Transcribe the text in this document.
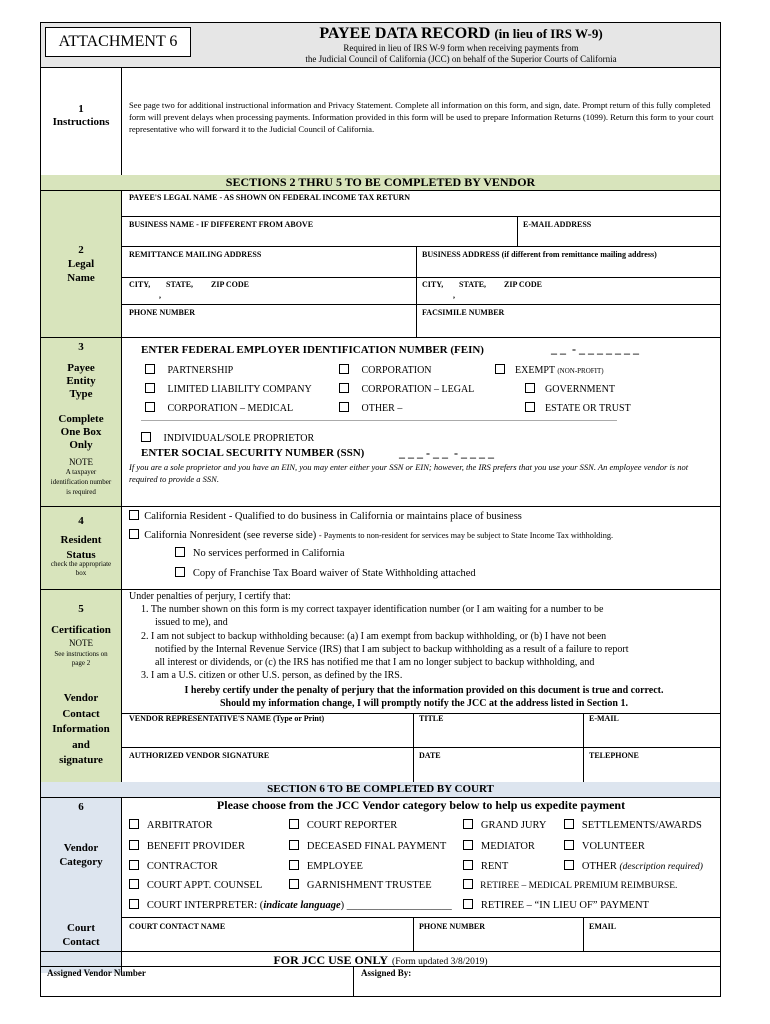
ATTACHMENT 6	PAYEE DATA RECORD (in lieu of IRS W-9)
Required in lieu of IRS W-9 form when receiving payments from
the Judicial Council of California (JCC) on behalf of the Superior Courts of California
1
Instructions
See page two for additional instructional information and Privacy Statement. Complete all information on this form, and sign, date. Prompt return of this fully completed form will prevent delays when processing payments. Information provided in this form will be used to prepare Information Returns (1099). Return this form to your court representative who will forward it to the Judicial Council of California.
SECTIONS 2 THRU 5 TO BE COMPLETED BY VENDOR
2
Legal
Name
PAYEE'S LEGAL NAME - AS SHOWN ON FEDERAL INCOME TAX RETURN
BUSINESS NAME - IF DIFFERENT FROM ABOVE	E-MAIL ADDRESS
REMITTANCE MAILING ADDRESS	BUSINESS ADDRESS (if different from remittance mailing address)
CITY, STATE, ZIP CODE
,
CITY, STATE, ZIP CODE
,
PHONE NUMBER	FACSIMILE NUMBER
3
Payee
Entity
Type
Complete
One Box
Only
NOTE
A taxpayer
identification number
is required
ENTER FEDERAL EMPLOYER IDENTIFICATION NUMBER (FEIN)	_ _  - _ _ _ _ _ _ _
PARTNERSHIP	CORPORATION	EXEMPT (NON-PROFIT)
LIMITED LIABILITY COMPANY	CORPORATION – LEGAL	GOVERNMENT
CORPORATION – MEDICAL	OTHER –	ESTATE OR TRUST
INDIVIDUAL/SOLE PROPRIETOR
ENTER SOCIAL SECURITY NUMBER (SSN)	_ _ _ - _ _  - _ _ _ _
If you are a sole proprietor and you have an EIN, you may enter either your SSN or EIN; however, the IRS prefers that you use your SSN. An employee vendor is not required to provide a SSN.
4
Resident
Status
check the appropriate
box
California Resident - Qualified to do business in California or maintains place of business
California Nonresident (see reverse side) - Payments to non-resident for services may be subject to State Income Tax withholding.
No services performed in California
Copy of Franchise Tax Board waiver of State Withholding attached
5
Certification
NOTE
See instructions on
page 2
Vendor
Contact
Information
and
signature
Under penalties of perjury, I certify that:
1. The number shown on this form is my correct taxpayer identification number (or I am waiting for a number to be
issued to me), and
2. I am not subject to backup withholding because: (a) I am exempt from backup withholding, or (b) I have not been
notified by the Internal Revenue Service (IRS) that I am subject to backup withholding as a result of a failure to report
all interest or dividends, or (c) the IRS has notified me that I am no longer subject to backup withholding, and
3. I am a U.S. citizen or other U.S. person, as defined by the IRS.
I hereby certify under the penalty of perjury that the information provided on this document is true and correct.
Should my information change, I will promptly notify the JCC at the address listed in Section 1.
VENDOR REPRESENTATIVE'S NAME (Type or Print)	TITLE	E-MAIL
AUTHORIZED VENDOR SIGNATURE	DATE	TELEPHONE
SECTION 6 TO BE COMPLETED BY COURT
6
Vendor
Category
Court
Contact
Please choose from the JCC Vendor category below to help us expedite payment
ARBITRATOR	COURT REPORTER	GRAND JURY	SETTLEMENTS/AWARDS
BENEFIT PROVIDER	DECEASED FINAL PAYMENT	MEDIATOR	VOLUNTEER
CONTRACTOR	EMPLOYEE	RENT	OTHER (description required)
COURT APPT. COUNSEL	GARNISHMENT TRUSTEE	RETIREE – MEDICAL PREMIUM REIMBURSE.
COURT INTERPRETER: (indicate language) ____________________	RETIREE – “IN LIEU OF” PAYMENT
COURT CONTACT NAME	PHONE NUMBER	EMAIL
FOR JCC USE ONLY (Form updated 3/8/2019)
Assigned Vendor Number	Assigned By:
